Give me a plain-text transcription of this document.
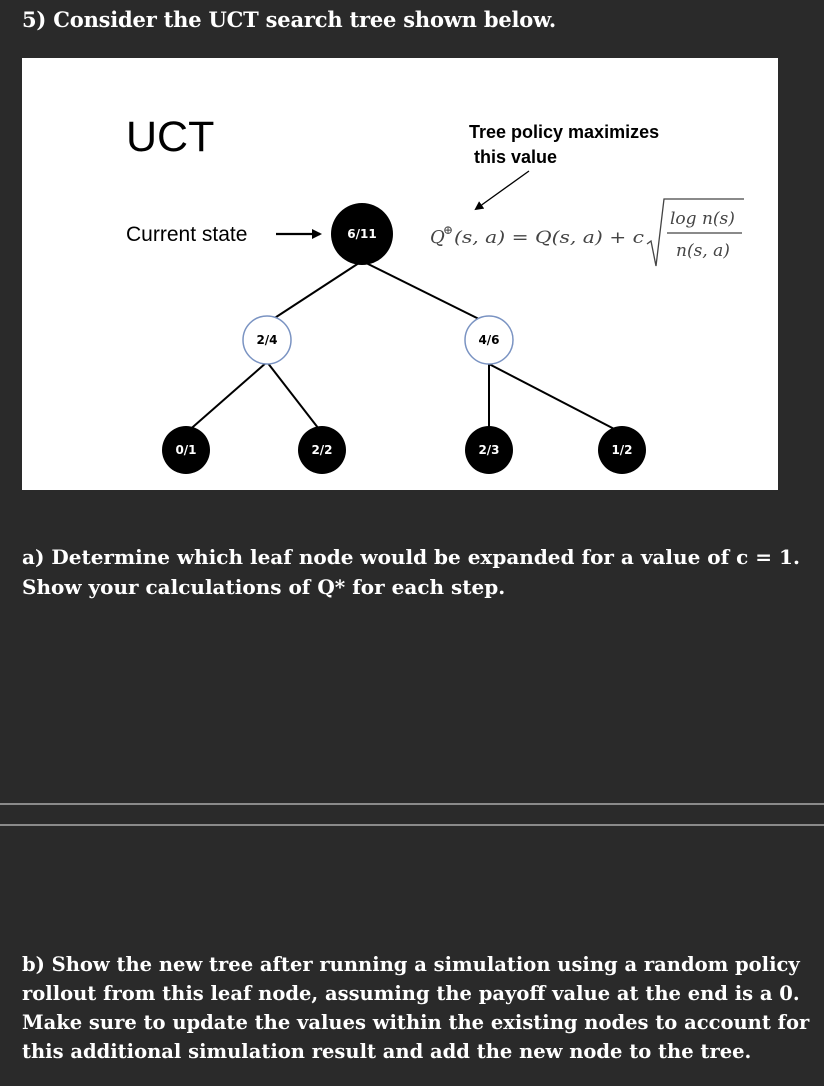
5) Consider the UCT search tree shown below.

UCT	Tree policy maximizes
this value
Current state	Q
⊕ (s, a) = Q(s, a) + c
log n(s)
n(s, a)
6/11
2/4	4/6
0/1	2/2	2/3	1/2
a) Determine which leaf node would be expanded for a value of c = 1.
Show your calculations of Q* for each step.
b) Show the new tree after running a simulation using a random policy
rollout from this leaf node, assuming the payoff value at the end is a 0.
Make sure to update the values within the existing nodes to account for
this additional simulation result and add the new node to the tree.
